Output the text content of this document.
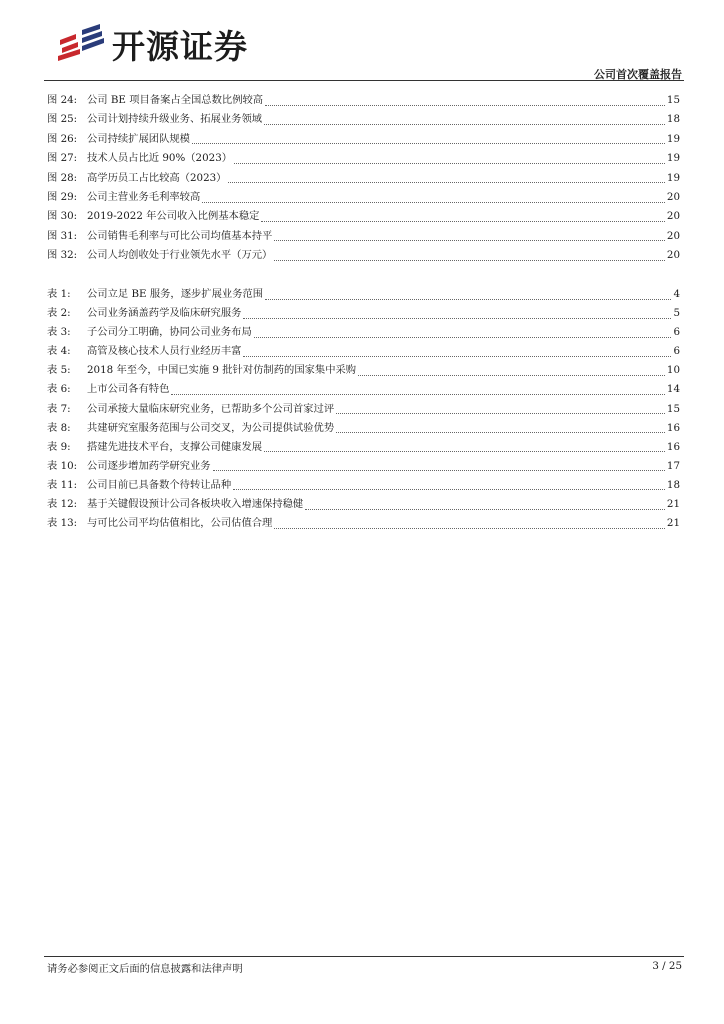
开源证券
公司首次覆盖报告
图 24: 公司 BE 项目备案占全国总数比例较高	15
图 25: 公司计划持续升级业务、拓展业务领域	18
图 26: 公司持续扩展团队规模	19
图 27: 技术人员占比近 90%（2023）	19
图 28: 高学历员工占比较高（2023）	19
图 29: 公司主营业务毛利率较高	20
图 30: 2019-2022 年公司收入比例基本稳定	20
图 31: 公司销售毛利率与可比公司均值基本持平	20
图 32: 公司人均创收处于行业领先水平（万元）	20
表 1:	公司立足 BE 服务，逐步扩展业务范围	4
表 2:	公司业务涵盖药学及临床研究服务	5
表 3:	子公司分工明确，协同公司业务布局	6
表 4:	高管及核心技术人员行业经历丰富	6
表 5:	2018 年至今，中国已实施 9 批针对仿制药的国家集中采购	10
表 6:	上市公司各有特色	14
表 7:	公司承接大量临床研究业务，已帮助多个公司首家过评	15
表 8:	共建研究室服务范围与公司交叉，为公司提供试验优势	16
表 9:	搭建先进技术平台，支撑公司健康发展	16
表 10: 公司逐步增加药学研究业务	17
表 11: 公司目前已具备数个待转让品种	18
表 12: 基于关键假设预计公司各板块收入增速保持稳健	21
表 13: 与可比公司平均估值相比，公司估值合理	21
请务必参阅正文后面的信息披露和法律声明	3 / 25
